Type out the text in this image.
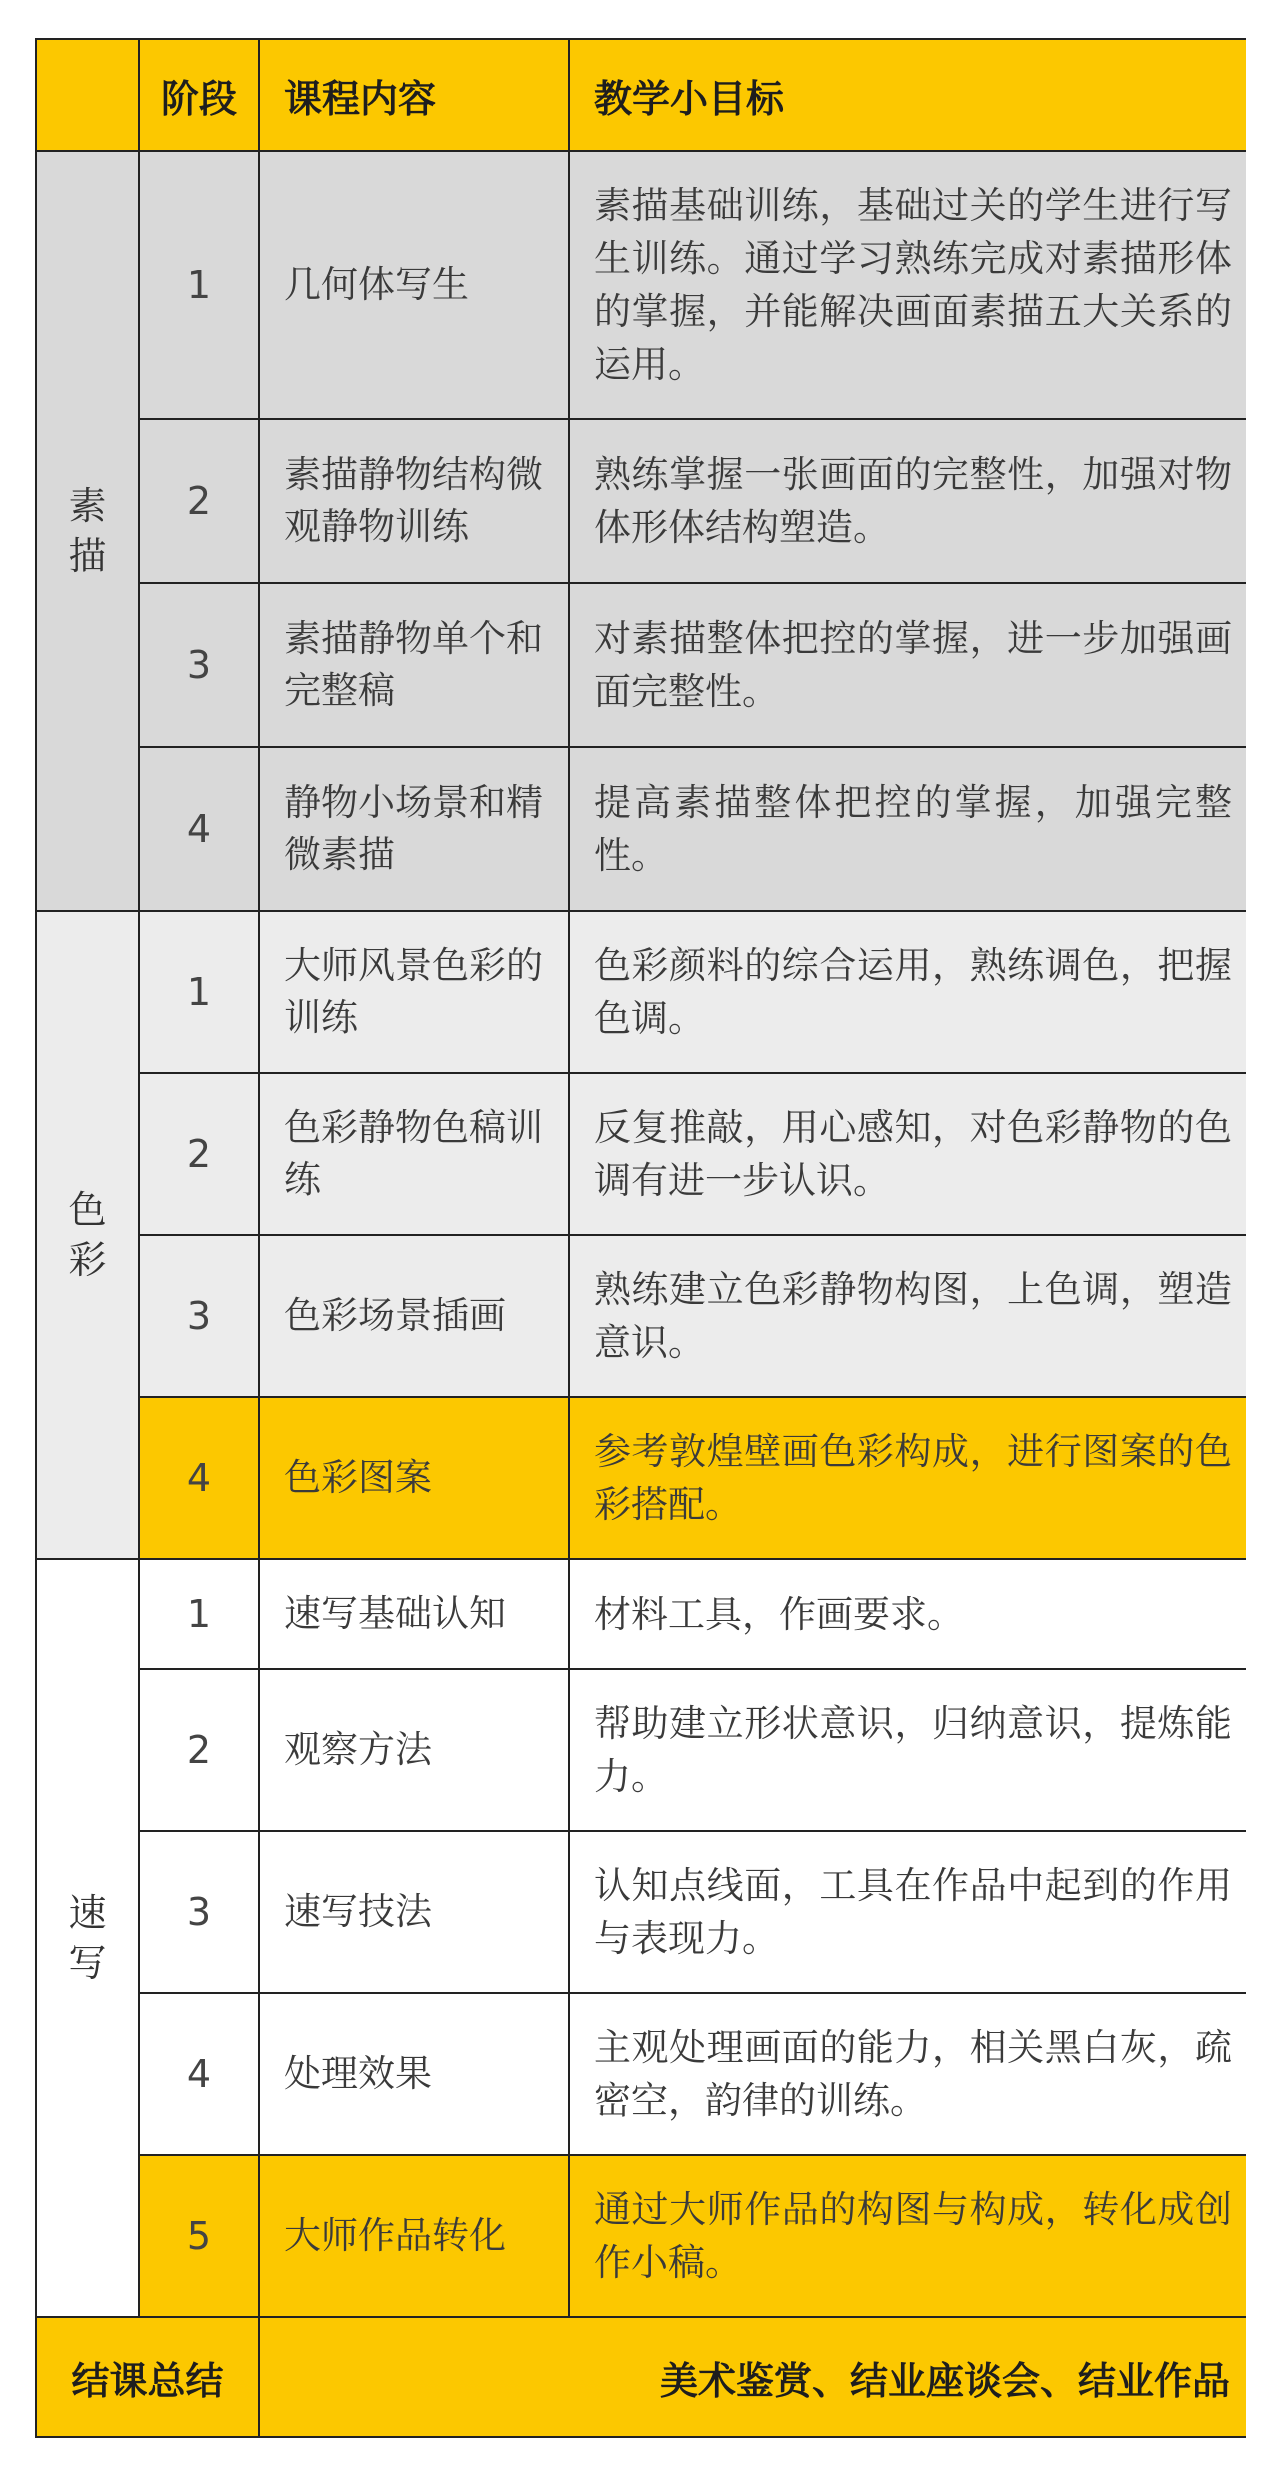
	阶段	课程内容	教学小目标
素描	1	几何体写生	素描基础训练，基础过关的学生进行写生训练。通过学习熟练完成对素描形体的掌握，并能解决画面素描五大关系的运用。
	2	素描静物结构微观静物训练	熟练掌握一张画面的完整性，加强对物体形体结构塑造。
	3	素描静物单个和完整稿	对素描整体把控的掌握，进一步加强画面完整性。
	4	静物小场景和精微素描	提高素描整体把控的掌握，加强完整性。
色彩	1	大师风景色彩的训练	色彩颜料的综合运用，熟练调色，把握色调。
	2	色彩静物色稿训练	反复推敲，用心感知，对色彩静物的色调有进一步认识。
	3	色彩场景插画	熟练建立色彩静物构图，上色调，塑造意识。
	4	色彩图案	参考敦煌壁画色彩构成，进行图案的色彩搭配。
速写	1	速写基础认知	材料工具，作画要求。
	2	观察方法	帮助建立形状意识，归纳意识，提炼能力。
	3	速写技法	认知点线面，工具在作品中起到的作用与表现力。
	4	处理效果	主观处理画面的能力，相关黑白灰，疏密空，韵律的训练。
	5	大师作品转化	通过大师作品的构图与构成，转化成创作小稿。
结课总结		美术鉴赏、结业座谈会、结业作品	
